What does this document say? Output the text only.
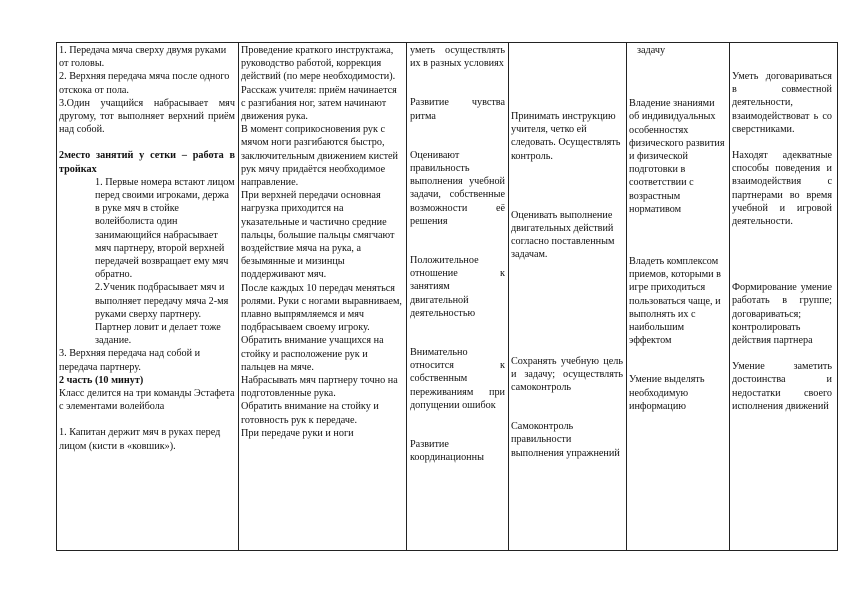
1. Передача мяча сверху двумя руками от головы.
2. Верхняя передача мяча после одного отскока от пола.

3.Один учащийся набрасывает мяч другому, тот выполняет верхний приём над собой.

2место занятий у сетки – работа в тройках

1. Первые номера встают лицом перед своими игроками, держа в руке мяч в стойке волейболиста один занимающийся набрасывает мяч партнеру, второй верхней передачей возвращает ему мяч обратно.
2.Ученик подбрасывает мяч и выполняет передачу мяча 2-мя руками сверху партнеру. Партнер ловит и делает тоже задание.

3. Верхняя передача над собой и передача партнеру.

2 часть (10 минут)

Класс делится на три команды Эстафета с элементами волейбола

1. Капитан держит мяч в руках перед лицом (кисти в «ковшик»).

Проведение краткого инструктажа, руководство работой, коррекция действий (по мере необходимости).
Расскаж учителя: приём начинается с разгибания ног, затем начинают движения рука.
В момент соприкосновения рук с мячом ноги разгибаются быстро, заключительным движением кистей рук мячу придаётся необходимое направление.
При верхней передачи основная нагрузка приходится на указательные и частично средние пальцы, большие пальцы смягчают воздействие мяча на рука, а безымянные и мизинцы поддерживают мяч.
После каждых 10 передач меняться ролями. Руки с ногами выравниваем, плавно выпрямляемся и мяч подбрасываем своему игроку.
Обратить внимание учащихся на стойку и расположение рук и пальцев на мяче.
Набрасывать мяч партнеру точно на подготовленные рука.
Обратить внимание на стойку и готовность рук к передаче.
При передаче руки и ноги

уметь осуществлять их в разных условиях

Развитие чувства ритма

Оценивают правильность выполнения учебной задачи, собственные возможности её решения

Положительное отношение к занятиям двигательной деятельностью

Внимательно относится к собственным переживаниям при допущении ошибок

Развитие координационны

Принимать инструкцию учителя, четко ей следовать. Осуществлять контроль.

Оценивать выполнение двигательных действий согласно поставленным задачам.

Сохранять учебную цель и задачу; осуществлять самоконтроль

Самоконтроль правильности выполнения упражнений

задачу

Владение знаниями об индивидуальных особенностях физического развития и физической подготовки в соответствии с возрастным нормативом

Владеть комплексом приемов, которыми в игре приходиться пользоваться чаще, и выполнять их с наибольшим эффектом

Умение выделять необходимую информацию

Уметь договариваться в совместной деятельности, взаимодействоват ь со сверстниками.

Находят адекватные способы поведения и взаимодействия с партнерами во время учебной и игровой деятельности.

Формирование умение работать в группе; договариваться; контролировать действия партнера

Умение заметить достоинства и недостатки своего исполнения движений
